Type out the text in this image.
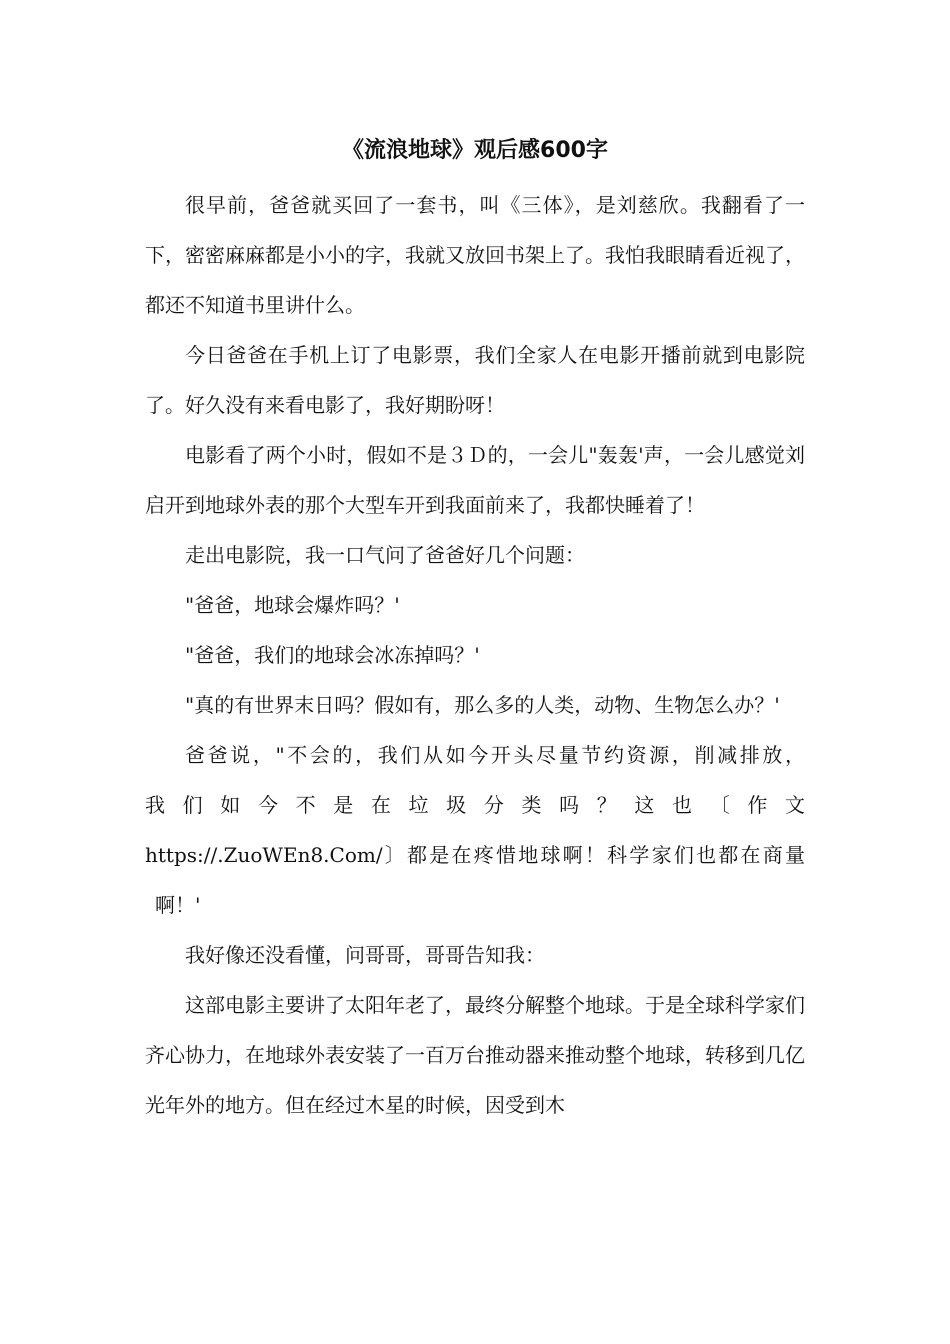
《流浪地球》观后感600字

很早前，爸爸就买回了一套书，叫《三体》，是刘慈欣。我翻看了一下，密密麻麻都是小小的字，我就又放回书架上了。我怕我眼睛看近视了，都还不知道书里讲什么。

今日爸爸在手机上订了电影票，我们全家人在电影开播前就到电影院了。好久没有来看电影了，我好期盼呀！

电影看了两个小时，假如不是３Ｄ的，一会儿"轰轰'声，一会儿感觉刘启开到地球外表的那个大型车开到我面前来了，我都快睡着了！

走出电影院，我一口气问了爸爸好几个问题：

"爸爸，地球会爆炸吗？'

"爸爸，我们的地球会冰冻掉吗？'

"真的有世界末日吗？假如有，那么多的人类，动物、生物怎么办？'

爸爸说，"不会的，我们从如今开头尽量节约资源，削减排放，

我 们 如 今 不 是 在 垃 圾 分 类 吗 ？ 这 也 〔 作 文

https://.ZuoWEn8.Com/〕都是在疼惜地球啊！科学家们也都在商量

啊！'

我好像还没看懂，问哥哥，哥哥告知我：

这部电影主要讲了太阳年老了，最终分解整个地球。于是全球科学家们齐心协力，在地球外表安装了一百万台推动器来推动整个地球，转移到几亿光年外的地方。但在经过木星的时候，因受到木
